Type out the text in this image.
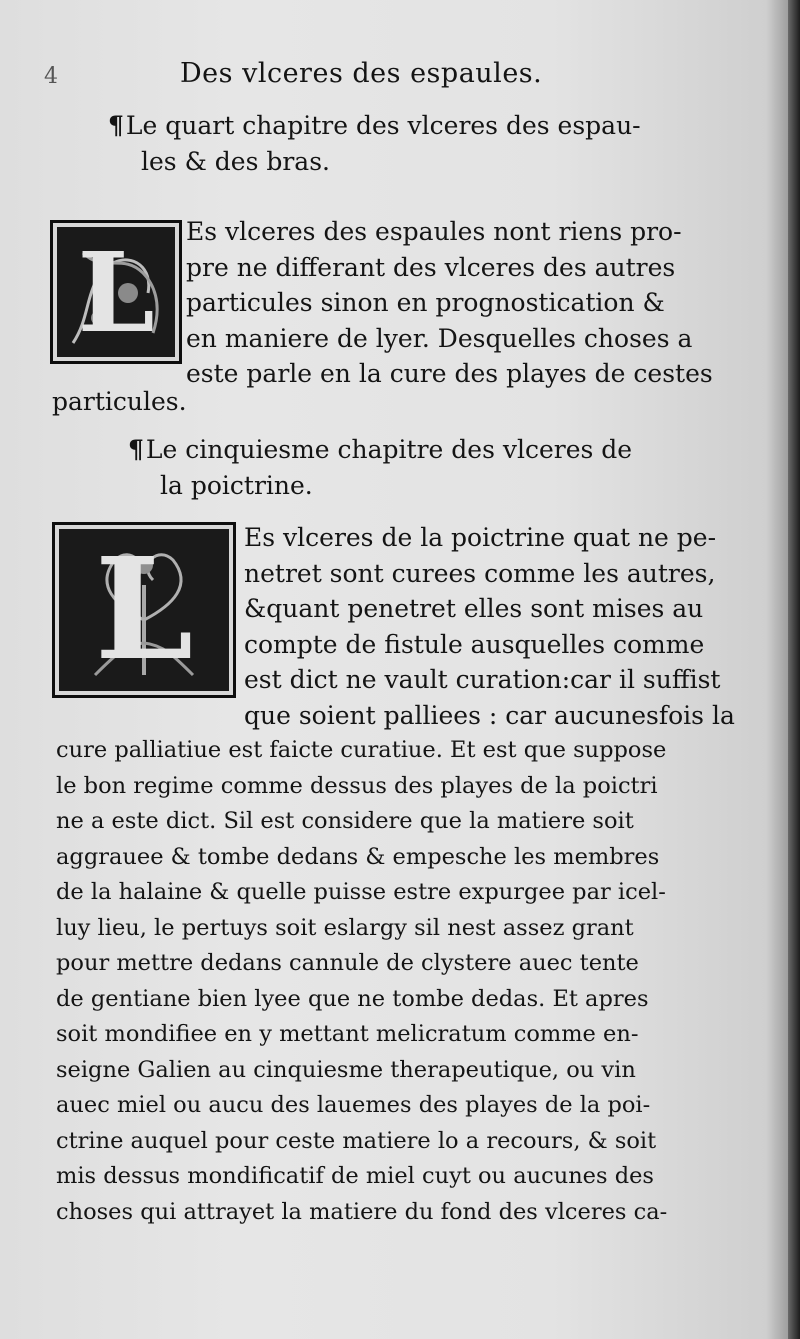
4	Des vlceres des espaules.
¶Le quart chapitre des vlceres des espau-
les & des bras.
L	Es vlceres des espaules nont riens pro-
pre ne differant des vlceres des autres
particules sinon en prognostication &
en maniere de lyer. Desquelles choses a
este parle en la cure des playes de cestes
particules.
¶Le cinquiesme chapitre des vlceres de
la poictrine.
L	Es vlceres de la poictrine quat ne pe-
netret sont curees comme les autres,
&quant penetret elles sont mises au
compte de fistule ausquelles comme
est dict ne vault curation:car il suffist
que soient palliees : car aucunesfois la
cure palliatiue est faicte curatiue. Et est que suppose
le bon regime comme dessus des playes de la poictri
ne a este dict. Sil est considere que la matiere soit
aggrauee & tombe dedans & empesche les membres
de la halaine & quelle puisse estre expurgee par icel-
luy lieu, le pertuys soit eslargy sil nest assez grant
pour mettre dedans cannule de clystere auec tente
de gentiane bien lyee que ne tombe dedas. Et apres
soit mondifiee en y mettant melicratum comme en-
seigne Galien au cinquiesme therapeutique, ou vin
auec miel ou aucu des lauemes des playes de la poi-
ctrine auquel pour ceste matiere lo a recours, & soit
mis dessus mondificatif de miel cuyt ou aucunes des
choses qui attrayet la matiere du fond des vlceres ca-
